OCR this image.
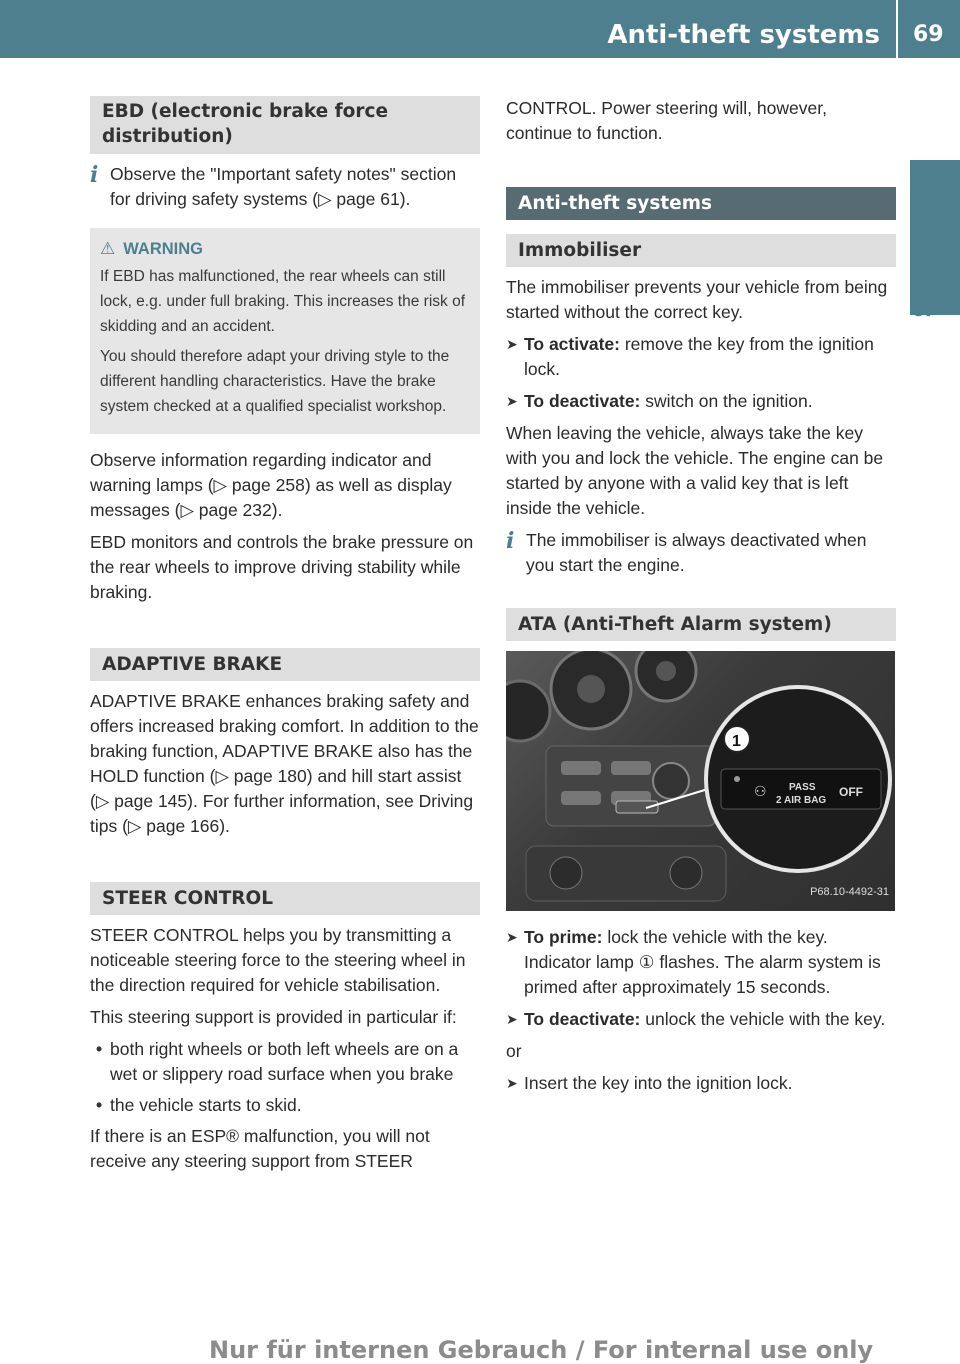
Anti-theft systems 69
Safety
EBD (electronic brake force distribution)
i Observe the "Important safety notes" section for driving safety systems (▷ page 61).
⚠ WARNING

If EBD has malfunctioned, the rear wheels can still lock, e.g. under full braking. This increases the risk of skidding and an accident.

You should therefore adapt your driving style to the different handling characteristics. Have the brake system checked at a qualified specialist workshop.

Observe information regarding indicator and warning lamps (▷ page 258) as well as display messages (▷ page 232).

EBD monitors and controls the brake pressure on the rear wheels to improve driving stability while braking.

ADAPTIVE BRAKE

ADAPTIVE BRAKE enhances braking safety and offers increased braking comfort. In addition to the braking function, ADAPTIVE BRAKE also has the HOLD function (▷ page 180) and hill start assist (▷ page 145). For further information, see Driving tips (▷ page 166).

STEER CONTROL

STEER CONTROL helps you by transmitting a noticeable steering force to the steering wheel in the direction required for vehicle stabilisation.

This steering support is provided in particular if:

• both right wheels or both left wheels are on a wet or slippery road surface when you brake
• the vehicle starts to skid.

If there is an ESP® malfunction, you will not receive any steering support from STEER

CONTROL. Power steering will, however, continue to function.

Anti-theft systems
Immobiliser

The immobiliser prevents your vehicle from being started without the correct key.

➤ To activate: remove the key from the ignition lock.
➤ To deactivate: switch on the ignition.

When leaving the vehicle, always take the key with you and lock the vehicle. The engine can be started by anyone with a valid key that is left inside the vehicle.

i The immobiliser is always deactivated when you start the engine.
ATA (Anti-Theft Alarm system)
1
⚇ PASS
2 AIR BAG
OFF
P68.10-4492-31
➤ To prime: lock the vehicle with the key. Indicator lamp ① flashes. The alarm system is primed after approximately 15 seconds.
➤ To deactivate: unlock the vehicle with the key.

or

➤ Insert the key into the ignition lock.
Nur für internen Gebrauch / For internal use only
